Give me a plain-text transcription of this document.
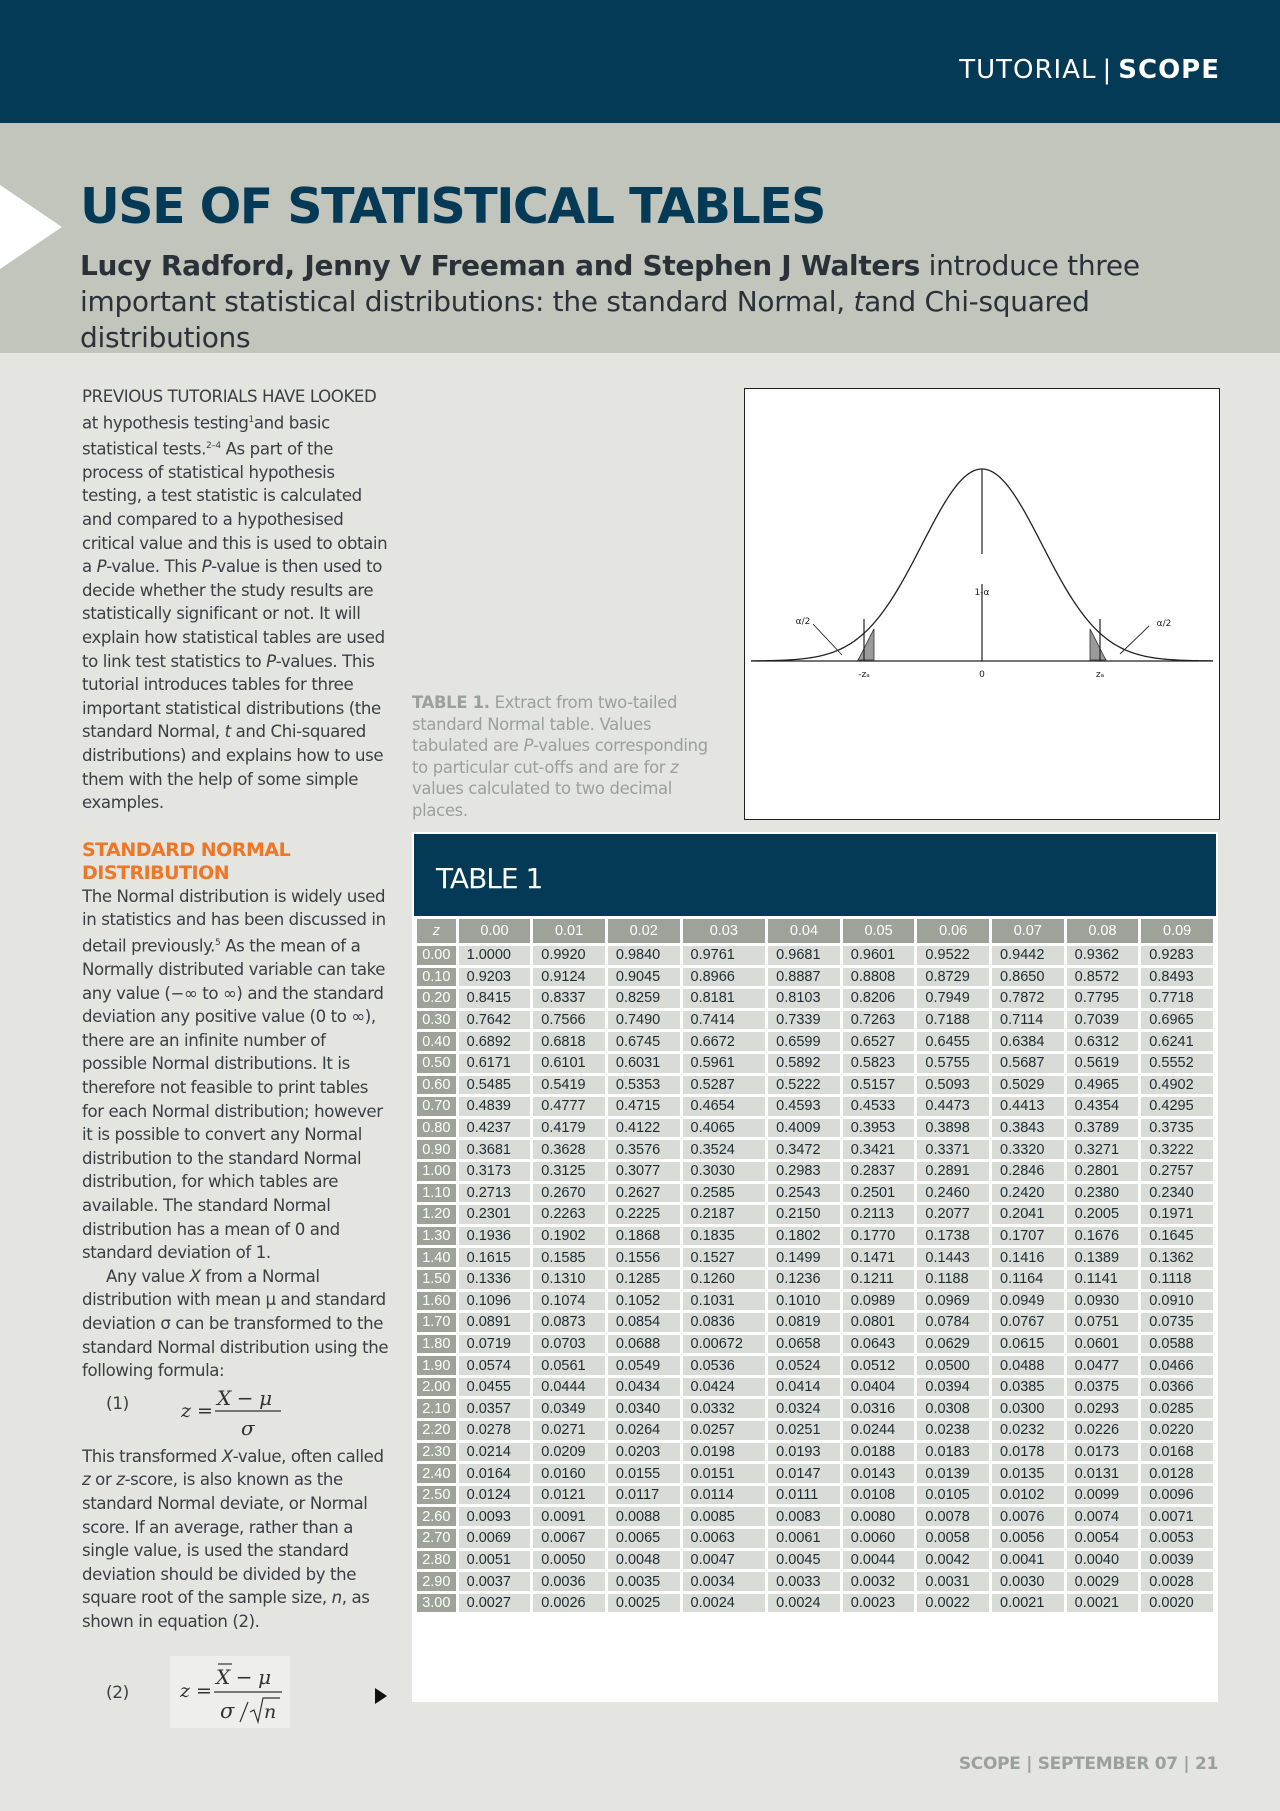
TUTORIAL | SCOPE
USE OF STATISTICAL TABLES
Lucy Radford, Jenny V Freeman and Stephen J Walters introduce three important statistical distributions: the standard Normal, tand Chi-squared distributions

PREVIOUS TUTORIALS HAVE LOOKED at hypothesis testing$^1$and basic statistical tests.$^{2-4}$ As part of the process of statistical hypothesis testing, a test statistic is calculated and compared to a hypothesised critical value and this is used to obtain a P-value. This P-value is then used to decide whether the study results are statistically significant or not. It will explain how statistical tables are used to link test statistics to P-values. This tutorial introduces tables for three important statistical distributions (the standard Normal, t and Chi-squared distributions) and explains how to use them with the help of some simple examples.

STANDARD NORMAL DISTRIBUTION

The Normal distribution is widely used in statistics and has been discussed in detail previously.$^5$ As the mean of a Normally distributed variable can take any value (−∞ to ∞) and the standard deviation any positive value (0 to ∞), there are an infinite number of possible Normal distributions. It is therefore not feasible to print tables for each Normal distribution; however it is possible to convert any Normal distribution to the standard Normal distribution, for which tables are available. The standard Normal distribution has a mean of 0 and standard deviation of 1.

Any value X from a Normal distribution with mean μ and standard deviation σ can be transformed to the standard Normal distribution using the following formula:

(1)	z =
X − μ
σ

This transformed X-value, often called z or z-score, is also known as the standard Normal deviate, or Normal score. If an average, rather than a single value, is used the standard deviation should be divided by the square root of the sample size, n, as shown in equation (2).

(2)	z =
X − μ
σ n
TABLE 1. Extract from two-tailed standard Normal table. Values tabulated are P-values corresponding to particular cut-offs and are for z values calculated to two decimal places.
1-α
α/2	α/2
-zₐ	0	zₐ
TABLE 1
z	0.00	0.01	0.02	0.03	0.04	0.05	0.06	0.07	0.08	0.09
0.00	1.0000	0.9920	0.9840	0.9761	0.9681	0.9601	0.9522	0.9442	0.9362	0.9283
0.10	0.9203	0.9124	0.9045	0.8966	0.8887	0.8808	0.8729	0.8650	0.8572	0.8493
0.20	0.8415	0.8337	0.8259	0.8181	0.8103	0.8206	0.7949	0.7872	0.7795	0.7718
0.30	0.7642	0.7566	0.7490	0.7414	0.7339	0.7263	0.7188	0.7114	0.7039	0.6965
0.40	0.6892	0.6818	0.6745	0.6672	0.6599	0.6527	0.6455	0.6384	0.6312	0.6241
0.50	0.6171	0.6101	0.6031	0.5961	0.5892	0.5823	0.5755	0.5687	0.5619	0.5552
0.60	0.5485	0.5419	0.5353	0.5287	0.5222	0.5157	0.5093	0.5029	0.4965	0.4902
0.70	0.4839	0.4777	0.4715	0.4654	0.4593	0.4533	0.4473	0.4413	0.4354	0.4295
0.80	0.4237	0.4179	0.4122	0.4065	0.4009	0.3953	0.3898	0.3843	0.3789	0.3735
0.90	0.3681	0.3628	0.3576	0.3524	0.3472	0.3421	0.3371	0.3320	0.3271	0.3222
1.00	0.3173	0.3125	0.3077	0.3030	0.2983	0.2837	0.2891	0.2846	0.2801	0.2757
1.10	0.2713	0.2670	0.2627	0.2585	0.2543	0.2501	0.2460	0.2420	0.2380	0.2340
1.20	0.2301	0.2263	0.2225	0.2187	0.2150	0.2113	0.2077	0.2041	0.2005	0.1971
1.30	0.1936	0.1902	0.1868	0.1835	0.1802	0.1770	0.1738	0.1707	0.1676	0.1645
1.40	0.1615	0.1585	0.1556	0.1527	0.1499	0.1471	0.1443	0.1416	0.1389	0.1362
1.50	0.1336	0.1310	0.1285	0.1260	0.1236	0.1211	0.1188	0.1164	0.1141	0.1118
1.60	0.1096	0.1074	0.1052	0.1031	0.1010	0.0989	0.0969	0.0949	0.0930	0.0910
1.70	0.0891	0.0873	0.0854	0.0836	0.0819	0.0801	0.0784	0.0767	0.0751	0.0735
1.80	0.0719	0.0703	0.0688	0.00672	0.0658	0.0643	0.0629	0.0615	0.0601	0.0588
1.90	0.0574	0.0561	0.0549	0.0536	0.0524	0.0512	0.0500	0.0488	0.0477	0.0466
2.00	0.0455	0.0444	0.0434	0.0424	0.0414	0.0404	0.0394	0.0385	0.0375	0.0366
2.10	0.0357	0.0349	0.0340	0.0332	0.0324	0.0316	0.0308	0.0300	0.0293	0.0285
2.20	0.0278	0.0271	0.0264	0.0257	0.0251	0.0244	0.0238	0.0232	0.0226	0.0220
2.30	0.0214	0.0209	0.0203	0.0198	0.0193	0.0188	0.0183	0.0178	0.0173	0.0168
2.40	0.0164	0.0160	0.0155	0.0151	0.0147	0.0143	0.0139	0.0135	0.0131	0.0128
2.50	0.0124	0.0121	0.0117	0.0114	0.0111	0.0108	0.0105	0.0102	0.0099	0.0096
2.60	0.0093	0.0091	0.0088	0.0085	0.0083	0.0080	0.0078	0.0076	0.0074	0.0071
2.70	0.0069	0.0067	0.0065	0.0063	0.0061	0.0060	0.0058	0.0056	0.0054	0.0053
2.80	0.0051	0.0050	0.0048	0.0047	0.0045	0.0044	0.0042	0.0041	0.0040	0.0039
2.90	0.0037	0.0036	0.0035	0.0034	0.0033	0.0032	0.0031	0.0030	0.0029	0.0028
3.00	0.0027	0.0026	0.0025	0.0024	0.0024	0.0023	0.0022	0.0021	0.0021	0.0020
SCOPE | SEPTEMBER 07 | 21
